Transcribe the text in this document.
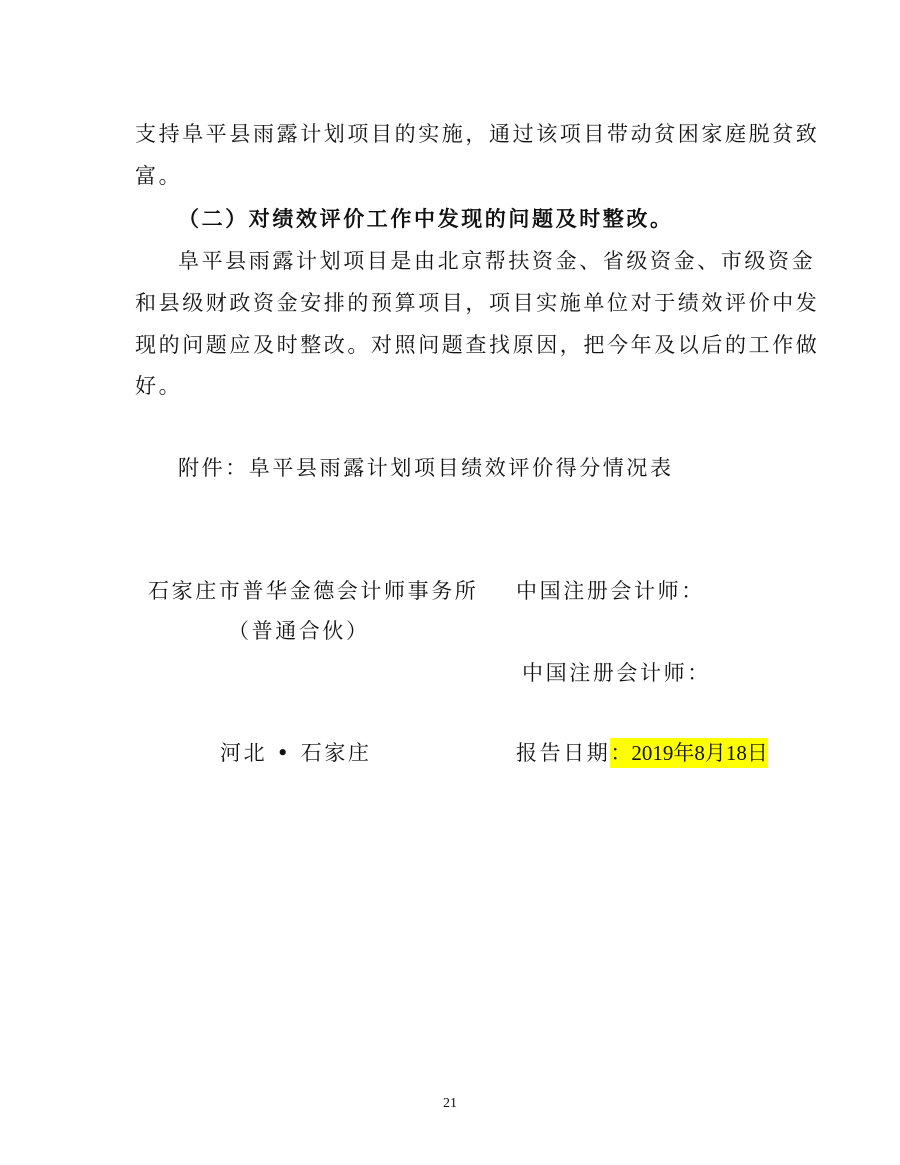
支持阜平县雨露计划项目的实施，通过该项目带动贫困家庭脱贫致
富。
（二）对绩效评价工作中发现的问题及时整改。
阜平县雨露计划项目是由北京帮扶资金、省级资金、市级资金
和县级财政资金安排的预算项目，项目实施单位对于绩效评价中发
现的问题应及时整改。对照问题查找原因，把今年及以后的工作做
好。
附件：阜平县雨露计划项目绩效评价得分情况表
石家庄市普华金德会计师事务所 中国注册会计师：
（普通合伙）
中国注册会计师：
河北 • 石家庄	报告日期：2019年8月18日
21
